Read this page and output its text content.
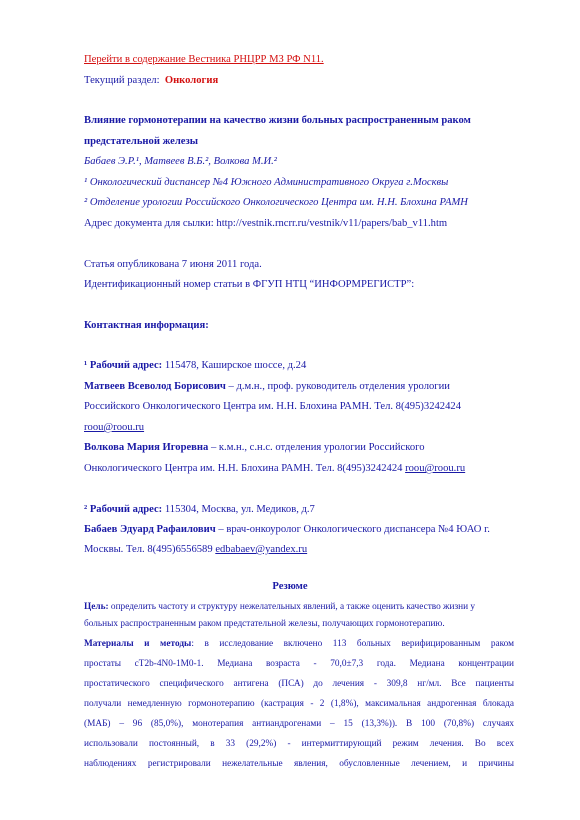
Перейти в содержание Вестника РНЦРР МЗ РФ N11.
Текущий раздел: Онкология
Влияние гормонотерапии на качество жизни больных распространенным раком
предстательной железы
Бабаев Э.Р.¹, Матвеев В.Б.², Волкова М.И.²
¹ Онкологический диспансер №4 Южного Административного Округа г.Москвы
² Отделение урологии Российского Онкологического Центра им. Н.Н. Блохина РАМН
Адрес документа для сылки: http://vestnik.rncrr.ru/vestnik/v11/papers/bab_v11.htm
Статья опубликована 7 июня 2011 года.
Идентификационный номер статьи в ФГУП НТЦ “ИНФОРМРЕГИСТР”:
Контактная информация:
¹ Рабочий адрес: 115478, Каширское шоссе, д.24
Матвеев Всеволод Борисович – д.м.н., проф. руководитель отделения урологии
Российского Онкологического Центра им. Н.Н. Блохина РАМН. Тел. 8(495)3242424
roou@roou.ru
Волкова Мария Игоревна – к.м.н., с.н.с. отделения урологии Российского
Онкологического Центра им. Н.Н. Блохина РАМН. Тел. 8(495)3242424 roou@roou.ru
² Рабочий адрес: 115304, Москва, ул. Медиков, д.7
Бабаев Эдуард Рафаилович – врач-онкоуролог Онкологического диспансера №4 ЮАО г.
Москвы. Тел. 8(495)6556589 edbabaev@yandex.ru
Резюме
Цель: определить частоту и структуру нежелательных явлений, а также оценить качество жизни у
больных распространенным раком предстательной железы, получающих гормонотерапию.
Материалы и методы: в исследование включено 113 больных верифицированным раком
простаты cT2b-4N0-1M0-1. Медиана возраста - 70,0±7,3 года. Медиана концентрации
простатического специфического антигена (ПСА) до лечения - 309,8 нг/мл. Все пациенты
получали немедленную гормонотерапию (кастрация - 2 (1,8%), максимальная андрогенная блокада
(МАБ) – 96 (85,0%), монотерапия антиандрогенами – 15 (13,3%)). В 100 (70,8%) случаях
использовали постоянный, в 33 (29,2%) - интермиттирующий режим лечения. Во всех
наблюдениях регистрировали нежелательные явления, обусловленные лечением, и причины
